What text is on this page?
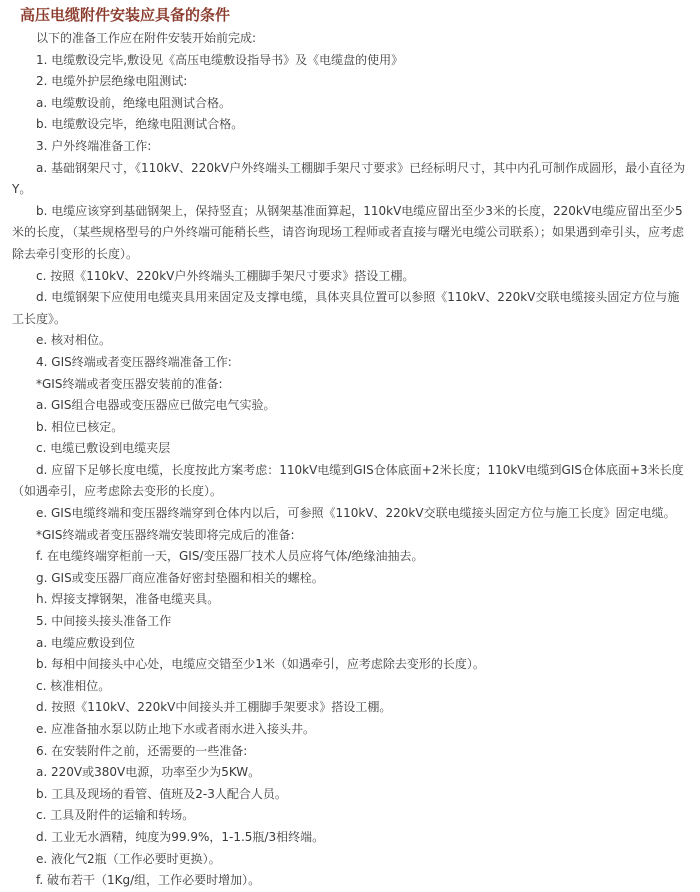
高压电缆附件安装应具备的条件

以下的准备工作应在附件安装开始前完成:

1. 电缆敷设完毕,敷设见《高压电缆敷设指导书》及《电缆盘的使用》

2. 电缆外护层绝缘电阻测试:

a. 电缆敷设前，绝缘电阻测试合格。

b. 电缆敷设完毕，绝缘电阻测试合格。

3. 户外终端准备工作:

a. 基础钢架尺寸，《110kV、220kV户外终端头工棚脚手架尺寸要求》已经标明尺寸，其中内孔可制作成圆形，最小直径为Y。

b. 电缆应该穿到基础钢架上，保持竖直；从钢架基准面算起，110kV电缆应留出至少3米的长度，220kV电缆应留出至少5米的长度，（某些规格型号的户外终端可能稍长些，请咨询现场工程师或者直接与曙光电缆公司联系）；如果遇到牵引头，应考虑除去牵引变形的长度）。

c. 按照《110kV、220kV户外终端头工棚脚手架尺寸要求》搭设工棚。

d. 电缆钢架下应使用电缆夹具用来固定及支撑电缆，具体夹具位置可以参照《110kV、220kV交联电缆接头固定方位与施工长度》。

e. 核对相位。

4. GIS终端或者变压器终端准备工作:

*GIS终端或者变压器安装前的准备:

a. GIS组合电器或变压器应已做完电气实验。

b. 相位已核定。

c. 电缆已敷设到电缆夹层

d. 应留下足够长度电缆，长度按此方案考虑：110kV电缆到GIS仓体底面+2米长度；110kV电缆到GIS仓体底面+3米长度（如遇牵引，应考虑除去变形的长度）。

e. GIS电缆终端和变压器终端穿到仓体内以后，可参照《110kV、220kV交联电缆接头固定方位与施工长度》固定电缆。

*GIS终端或者变压器终端安装即将完成后的准备:

f. 在电缆终端穿柜前一天，GIS/变压器厂技术人员应将气体/绝缘油抽去。

g. GIS或变压器厂商应准备好密封垫圈和相关的螺栓。

h. 焊接支撑钢架，准备电缆夹具。

5. 中间接头接头准备工作

a. 电缆应敷设到位

b. 每相中间接头中心处，电缆应交错至少1米（如遇牵引，应考虑除去变形的长度）。

c. 核准相位。

d. 按照《110kV、220kV中间接头并工棚脚手架要求》搭设工棚。

e. 应准备抽水泵以防止地下水或者雨水进入接头井。

6. 在安装附件之前，还需要的一些准备:

a. 220V或380V电源，功率至少为5KW。

b. 工具及现场的看管、值班及2-3人配合人员。

c. 工具及附件的运输和转场。

d. 工业无水酒精，纯度为99.9%，1-1.5瓶/3相终端。

e. 液化气2瓶（工作必要时更换）。

f. 破布若干（1Kg/组，工作必要时增加）。
